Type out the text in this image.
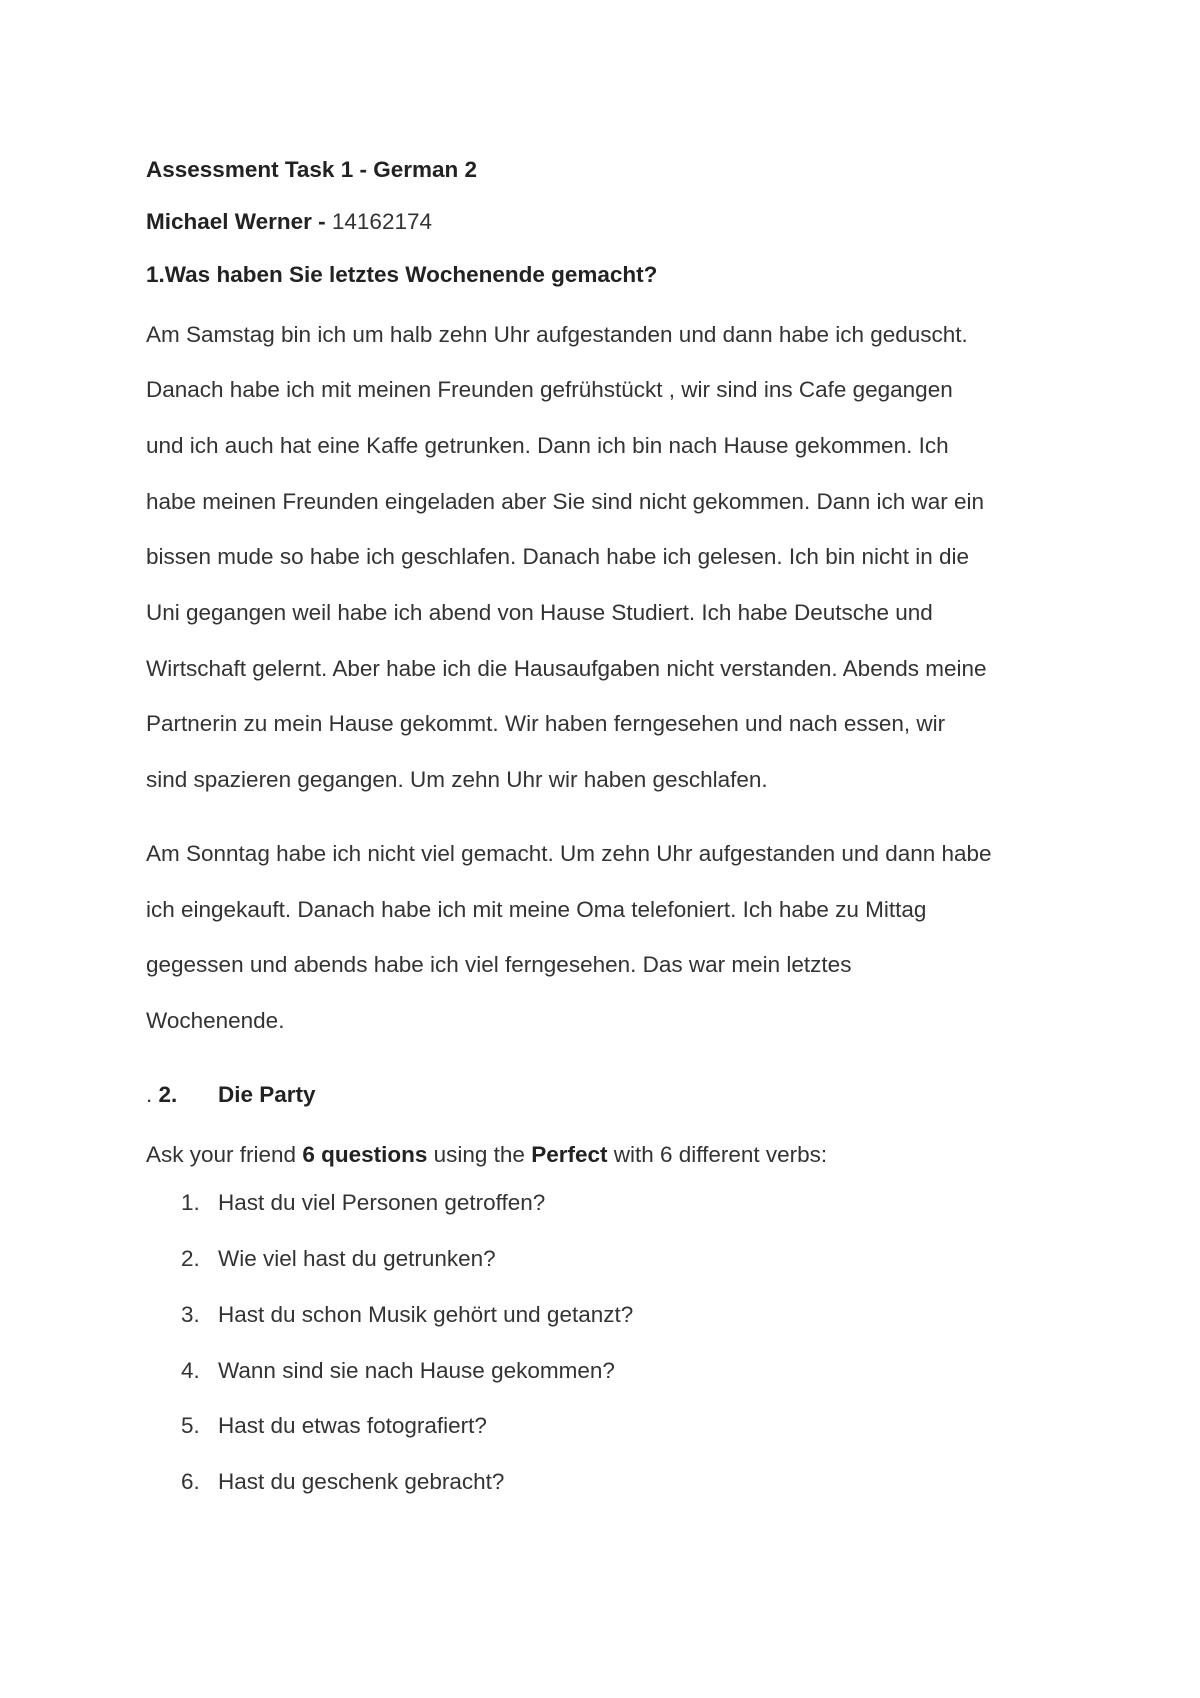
Assessment Task 1 - German 2

Michael Werner - 14162174

1.Was haben Sie letztes Wochenende gemacht?

Am Samstag bin ich um halb zehn Uhr aufgestanden und dann habe ich geduscht.

Danach habe ich mit meinen Freunden gefrühstückt , wir sind ins Cafe gegangen

und ich auch hat eine Kaffe getrunken. Dann ich bin nach Hause gekommen. Ich

habe meinen Freunden eingeladen aber Sie sind nicht gekommen. Dann ich war ein

bissen mude so habe ich geschlafen. Danach habe ich gelesen. Ich bin nicht in die

Uni gegangen weil habe ich abend von Hause Studiert. Ich habe Deutsche und

Wirtschaft gelernt. Aber habe ich die Hausaufgaben nicht verstanden. Abends meine

Partnerin zu mein Hause gekommt. Wir haben ferngesehen und nach essen, wir

sind spazieren gegangen. Um zehn Uhr wir haben geschlafen.

Am Sonntag habe ich nicht viel gemacht. Um zehn Uhr aufgestanden und dann habe

ich eingekauft. Danach habe ich mit meine Oma telefoniert. Ich habe zu Mittag

gegessen und abends habe ich viel ferngesehen. Das war mein letztes

Wochenende.

. 2. Die Party

Ask your friend 6 questions using the Perfect with 6 different verbs:

1. Hast du viel Personen getroffen?
2. Wie viel hast du getrunken?
3. Hast du schon Musik gehört und getanzt?
4. Wann sind sie nach Hause gekommen?
5. Hast du etwas fotografiert?
6. Hast du geschenk gebracht?
